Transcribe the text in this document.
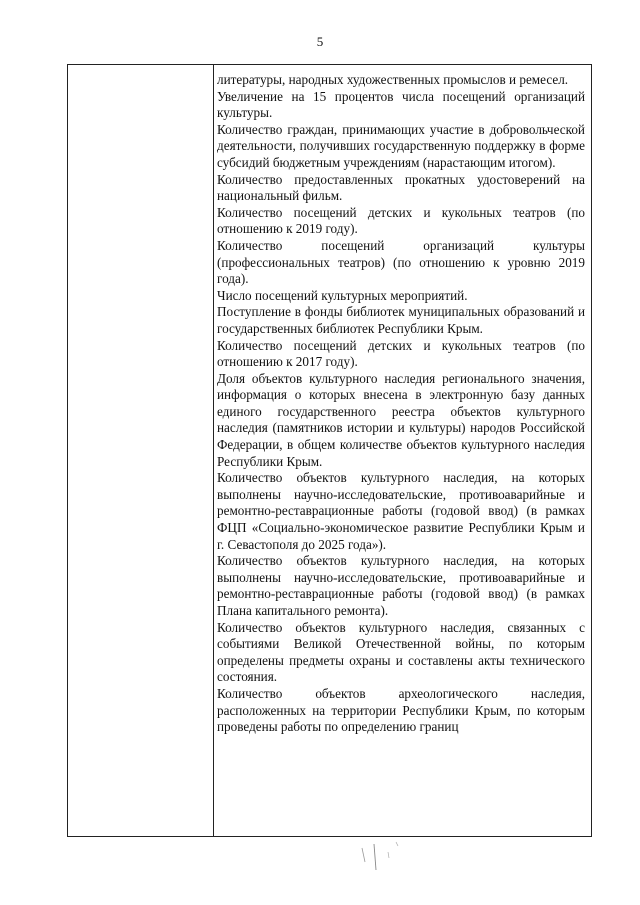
5

литературы, народных художественных промыслов и ремесел.

Увеличение на 15 процентов числа посещений организаций культуры.

Количество граждан, принимающих участие в добровольческой деятельности, получивших государственную поддержку в форме субсидий бюджетным учреждениям (нарастающим итогом).

Количество предоставленных прокатных удостоверений на национальный фильм.

Количество посещений детских и кукольных театров (по отношению к 2019 году).

Количество посещений организаций культуры (профессиональных театров) (по отношению к уровню 2019 года).

Число посещений культурных мероприятий.

Поступление в фонды библиотек муниципальных образований и государственных библиотек Республики Крым.

Количество посещений детских и кукольных театров (по отношению к 2017 году).

Доля объектов культурного наследия регионального значения, информация о которых внесена в электронную базу данных единого государственного реестра объектов культурного наследия (памятников истории и культуры) народов Российской Федерации, в общем количестве объектов культурного наследия Республики Крым.

Количество объектов культурного наследия, на которых выполнены научно-исследовательские, противоаварийные и ремонтно-реставрационные работы (годовой ввод) (в рамках ФЦП «Социально-экономическое развитие Республики Крым и г. Севастополя до 2025 года»).

Количество объектов культурного наследия, на которых выполнены научно-исследовательские, противоаварийные и ремонтно-реставрационные работы (годовой ввод) (в рамках Плана капитального ремонта).

Количество объектов культурного наследия, связанных с событиями Великой Отечественной войны, по которым определены предметы охраны и составлены акты технического состояния.

Количество объектов археологического наследия, расположенных на территории Республики Крым, по которым проведены работы по определению границ
